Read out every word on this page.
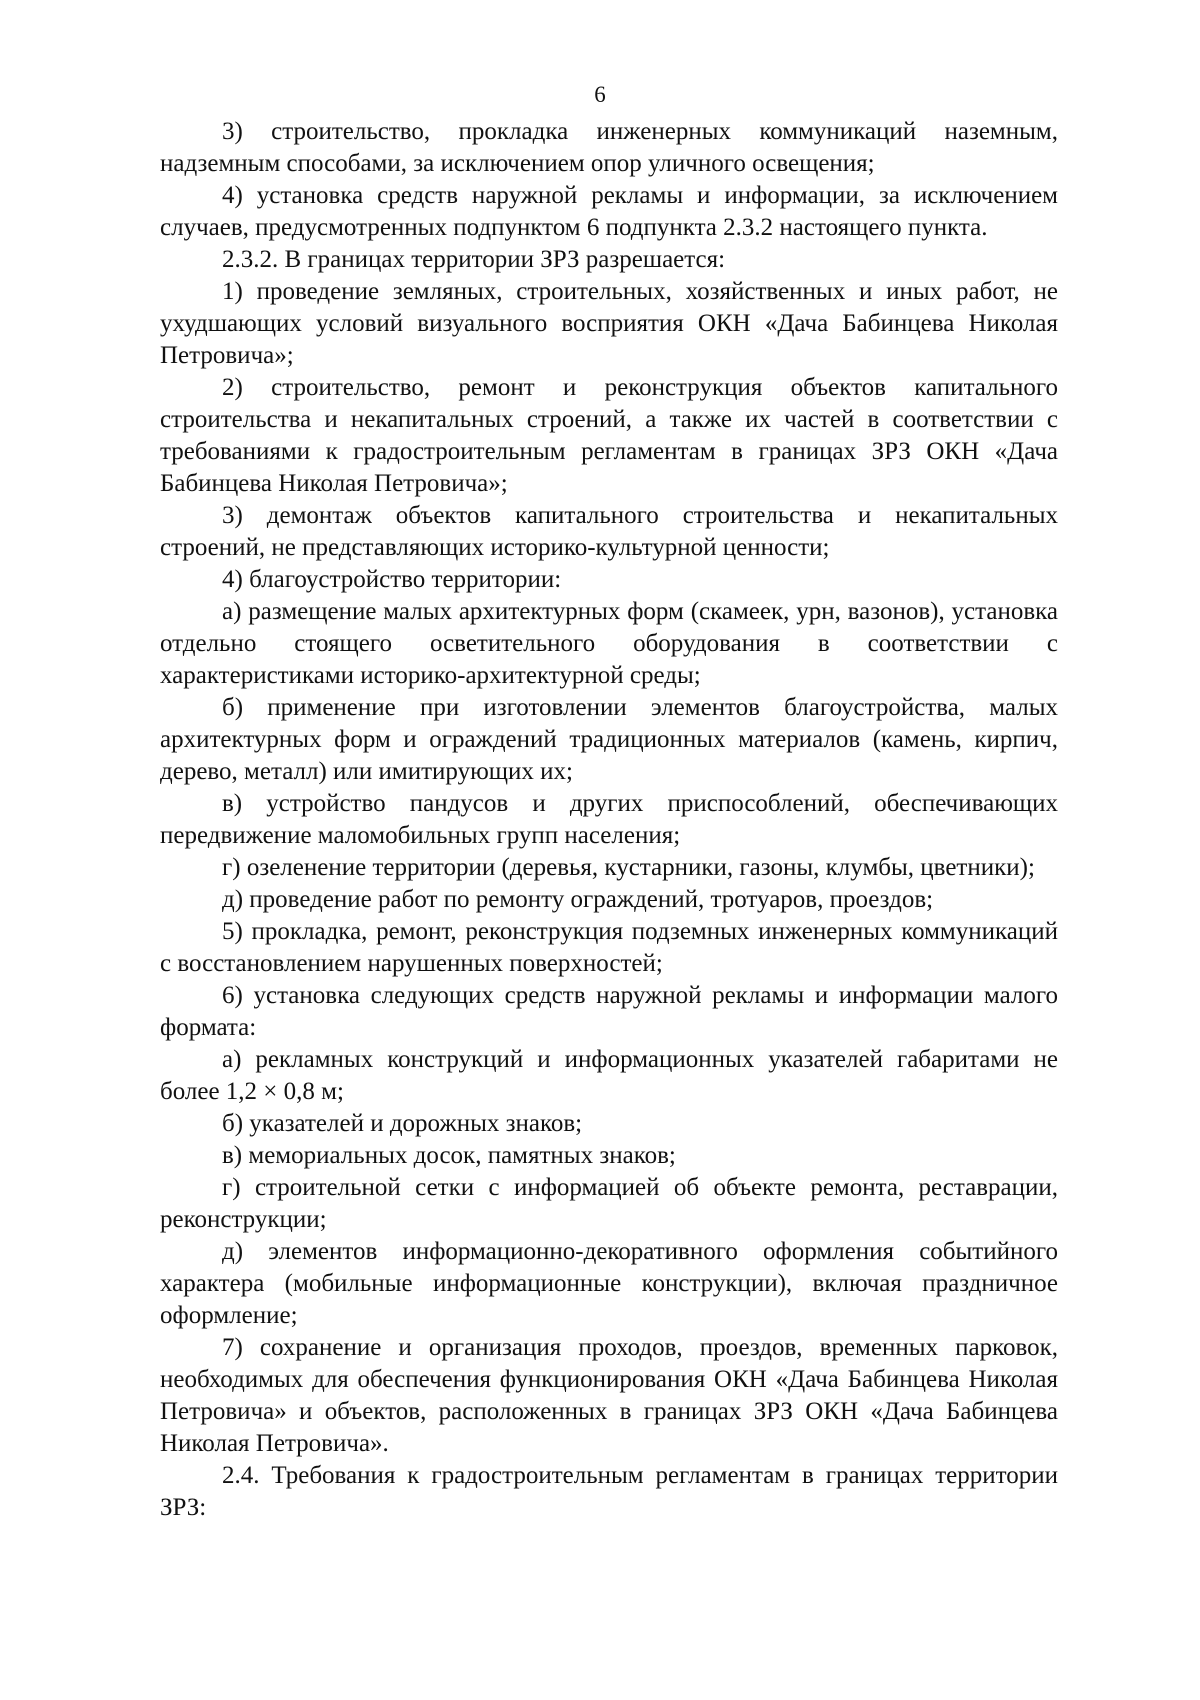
6

3) строительство, прокладка инженерных коммуникаций наземным, надземным способами, за исключением опор уличного освещения;

4) установка средств наружной рекламы и информации, за исключением случаев, предусмотренных подпунктом 6 подпункта 2.3.2 настоящего пункта.

2.3.2. В границах территории ЗРЗ разрешается:

1) проведение земляных, строительных, хозяйственных и иных работ, не ухудшающих условий визуального восприятия ОКН «Дача Бабинцева Николая Петровича»;

2) строительство, ремонт и реконструкция объектов капитального строительства и некапитальных строений, а также их частей в соответствии с требованиями к градостроительным регламентам в границах ЗРЗ ОКН «Дача Бабинцева Николая Петровича»;

3) демонтаж объектов капитального строительства и некапитальных строений, не представляющих историко-культурной ценности;

4) благоустройство территории:

а) размещение малых архитектурных форм (скамеек, урн, вазонов), установка отдельно стоящего осветительного оборудования в соответствии с характеристиками историко-архитектурной среды;

б) применение при изготовлении элементов благоустройства, малых архитектурных форм и ограждений традиционных материалов (камень, кирпич, дерево, металл) или имитирующих их;

в) устройство пандусов и других приспособлений, обеспечивающих передвижение маломобильных групп населения;

г) озеленение территории (деревья, кустарники, газоны, клумбы, цветники);

д) проведение работ по ремонту ограждений, тротуаров, проездов;

5) прокладка, ремонт, реконструкция подземных инженерных коммуникаций с восстановлением нарушенных поверхностей;

6) установка следующих средств наружной рекламы и информации малого формата:

а) рекламных конструкций и информационных указателей габаритами не более 1,2 × 0,8 м;

б) указателей и дорожных знаков;

в) мемориальных досок, памятных знаков;

г) строительной сетки с информацией об объекте ремонта, реставрации, реконструкции;

д) элементов информационно-декоративного оформления событийного характера (мобильные информационные конструкции), включая праздничное оформление;

7) сохранение и организация проходов, проездов, временных парковок, необходимых для обеспечения функционирования ОКН «Дача Бабинцева Николая Петровича» и объектов, расположенных в границах ЗРЗ ОКН «Дача Бабинцева Николая Петровича».

2.4. Требования к градостроительным регламентам в границах территории ЗРЗ:
